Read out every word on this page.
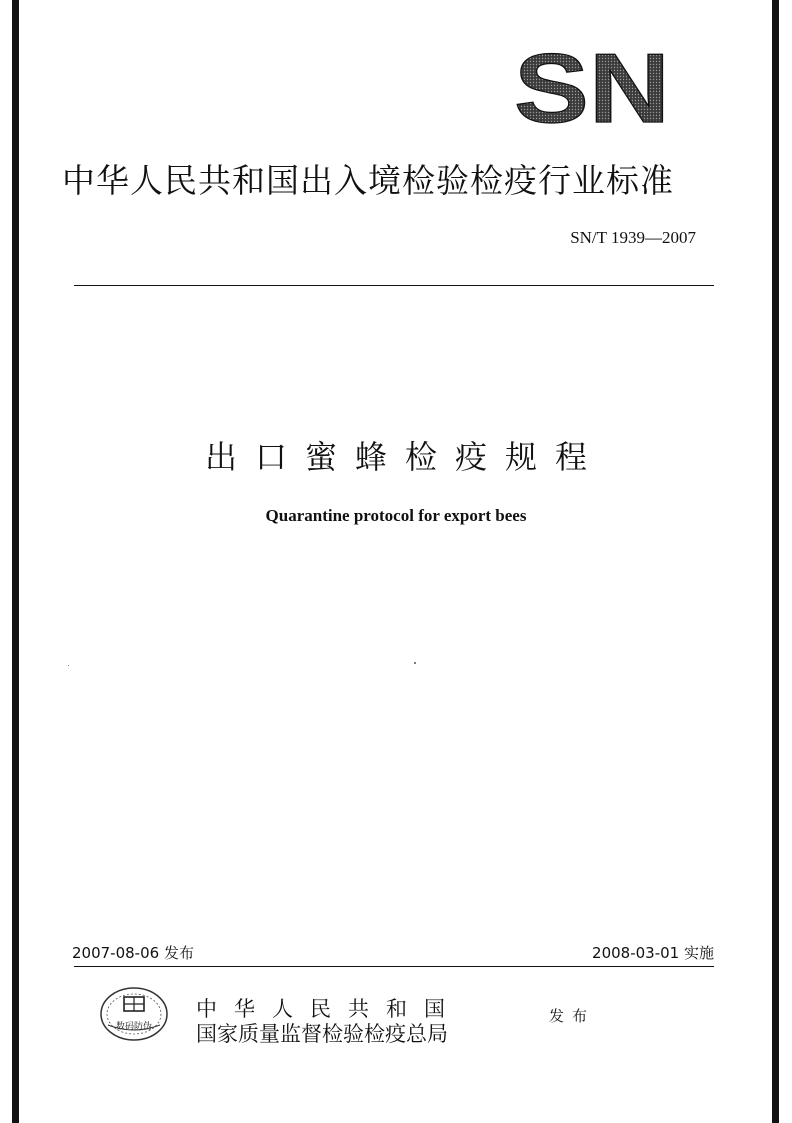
SN
中华人民共和国出入境检验检疫行业标准
SN/T 1939—2007
出口蜜蜂检疫规程
Quarantine protocol for export bees
2007-08-06 发布	2008-03-01 实施
数码防伪
中华人民共和国
国家质量监督检验检疫总局
发布
